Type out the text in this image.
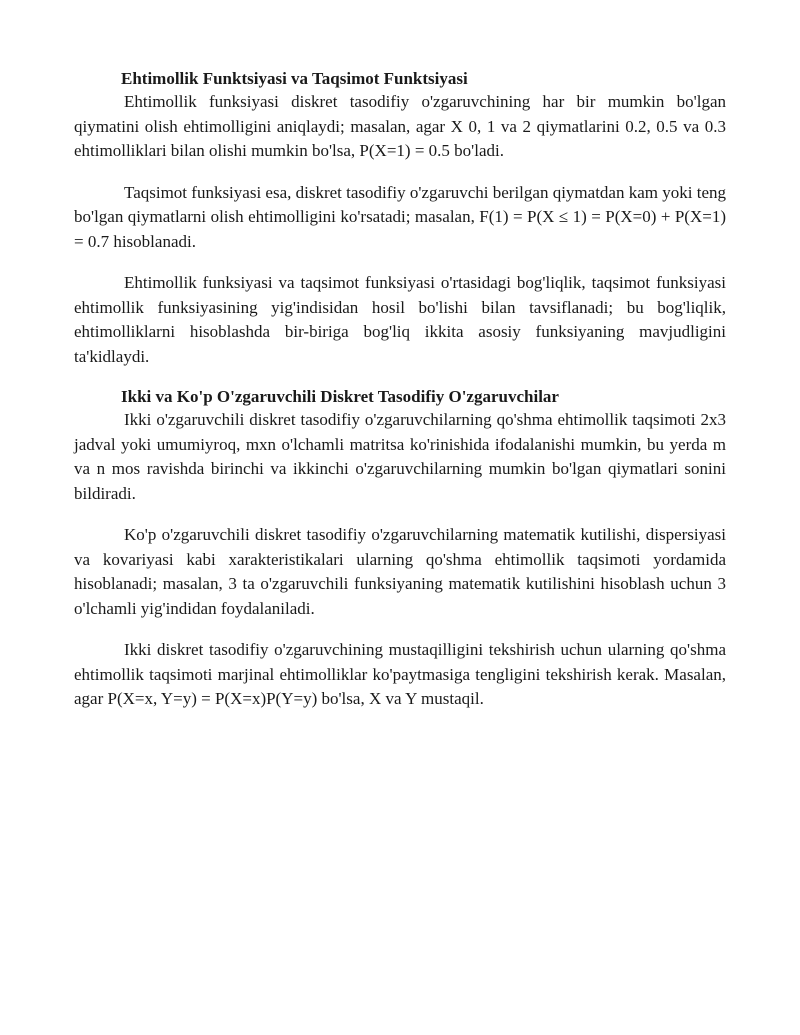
Ehtimollik Funktsiyasi va Taqsimot Funktsiyasi

Ehtimollik funksiyasi diskret tasodifiy o'zgaruvchining har bir mumkin bo'lgan qiymatini olish ehtimolligini aniqlaydi; masalan, agar X 0, 1 va 2 qiymatlarini 0.2, 0.5 va 0.3 ehtimolliklari bilan olishi mumkin bo'lsa, P(X=1) = 0.5 bo'ladi.

Taqsimot funksiyasi esa, diskret tasodifiy o'zgaruvchi berilgan qiymatdan kam yoki teng bo'lgan qiymatlarni olish ehtimolligini ko'rsatadi; masalan, F(1) = P(X ≤ 1) = P(X=0) + P(X=1) = 0.7 hisoblanadi.

Ehtimollik funksiyasi va taqsimot funksiyasi o'rtasidagi bog'liqlik, taqsimot funksiyasi ehtimollik funksiyasining yig'indisidan hosil bo'lishi bilan tavsiflanadi; bu bog'liqlik, ehtimolliklarni hisoblashda bir-biriga bog'liq ikkita asosiy funksiyaning mavjudligini ta'kidlaydi.

Ikki va Ko'p O'zgaruvchili Diskret Tasodifiy O'zgaruvchilar

Ikki o'zgaruvchili diskret tasodifiy o'zgaruvchilarning qo'shma ehtimollik taqsimoti 2x3 jadval yoki umumiyroq, mxn o'lchamli matritsa ko'rinishida ifodalanishi mumkin, bu yerda m va n mos ravishda birinchi va ikkinchi o'zgaruvchilarning mumkin bo'lgan qiymatlari sonini bildiradi.

Ko'p o'zgaruvchili diskret tasodifiy o'zgaruvchilarning matematik kutilishi, dispersiyasi va kovariyasi kabi xarakteristikalari ularning qo'shma ehtimollik taqsimoti yordamida hisoblanadi; masalan, 3 ta o'zgaruvchili funksiyaning matematik kutilishini hisoblash uchun 3 o'lchamli yig'indidan foydalaniladi.

Ikki diskret tasodifiy o'zgaruvchining mustaqilligini tekshirish uchun ularning qo'shma ehtimollik taqsimoti marjinal ehtimolliklar ko'paytmasiga tengligini tekshirish kerak. Masalan, agar P(X=x, Y=y) = P(X=x)P(Y=y) bo'lsa, X va Y mustaqil.
